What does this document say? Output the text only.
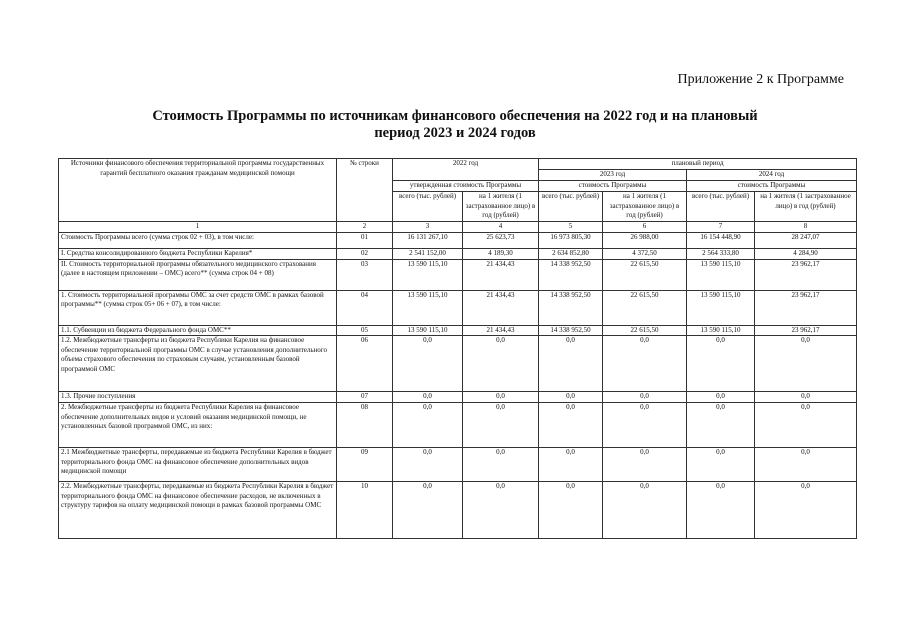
Приложение 2 к Программе
Стоимость Программы по источникам финансового обеспечения на 2022 год и на плановый
период 2023 и 2024 годов
Источники финансового обеспечения территориальной программы государственных гарантий бесплатного оказания гражданам медицинской помощи	№ строки	2022 год		плановый период			
				2023 год		2024 год	
		утвержденная стоимость Программы		стоимость Программы		стоимость Программы	
		всего (тыс. рублей)	на 1 жителя (1 застрахованное лицо) в год (рублей)	всего (тыс. рублей)	на 1 жителя (1 застрахованное лицо) в год (рублей)	всего (тыс. рублей)	на 1 жителя (1 застрахованное лицо) в год (рублей)
1	2	3	4	5	6	7	8
Стоимость Программы всего (сумма строк 02 + 03), в том числе:	01	16 131 267,10	25 623,73	16 973 805,30	26 988,00	16 154 448,90	28 247,07
I. Средства консолидированного бюджета Республики Карелия*	02	2 541 152,00	4 189,30	2 634 852,80	4 372,50	2 564 333,80	4 284,90
II. Стоимость территориальной программы обязательного медицинского страхования (далее в настоящем приложении – ОМС) всего** (сумма строк 04 + 08)	03	13 590 115,10	21 434,43	14 338 952,50	22 615,50	13 590 115,10	23 962,17
1. Стоимость территориальной программы ОМС за счет средств ОМС в рамках базовой программы** (сумма строк 05+ 06 + 07), в том числе:	04	13 590 115,10	21 434,43	14 338 952,50	22 615,50	13 590 115,10	23 962,17
1.1. Субвенции из бюджета Федерального фонда ОМС**	05	13 590 115,10	21 434,43	14 338 952,50	22 615,50	13 590 115,10	23 962,17
1.2. Межбюджетные трансферты из бюджета Республики Карелия на финансовое обеспечение территориальной программы ОМС в случае установления дополнительного объема страхового обеспечения по страховым случаям, установленным базовой программой ОМС	06	0,0	0,0	0,0	0,0	0,0	0,0
1.3. Прочие поступления	07	0,0	0,0	0,0	0,0	0,0	0,0
2. Межбюджетные трансферты из бюджета Республики Карелия на финансовое обеспечение дополнительных видов и условий оказания медицинской помощи, не установленных базовой программой ОМС, из них:	08	0,0	0,0	0,0	0,0	0,0	0,0
2.1 Межбюджетные трансферты, передаваемые из бюджета Республики Карелия в бюджет территориального фонда ОМС на финансовое обеспечение дополнительных видов медицинской помощи	09	0,0	0,0	0,0	0,0	0,0	0,0
2.2. Межбюджетные трансферты, передаваемые из бюджета Республики Карелия в бюджет территориального фонда ОМС на финансовое обеспечение расходов, не включенных в структуру тарифов на оплату медицинской помощи в рамках базовой программы ОМС	10	0,0	0,0	0,0	0,0	0,0	0,0
